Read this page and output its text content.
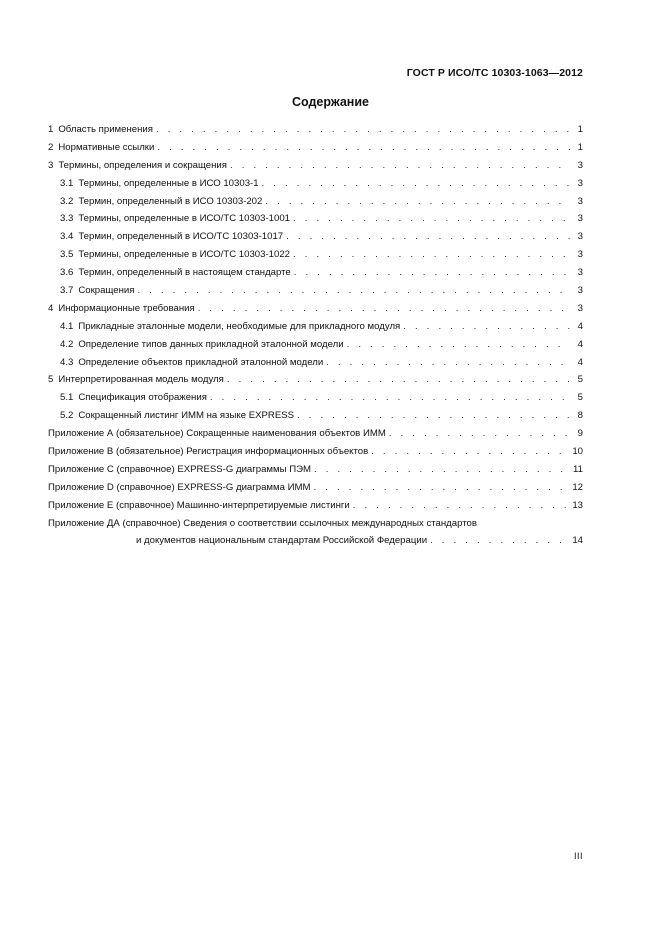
ГОСТ Р ИСО/ТС 10303-1063—2012
Содержание
1 Область применения . . .	1
2 Нормативные ссылки . . .	1
3 Термины, определения и сокращения . . .	3
3.1 Термины, определенные в ИСО 10303-1 . . .	3
3.2 Термин, определенный в ИСО 10303-202 . . .	3
3.3 Термины, определенные в ИСО/ТС 10303-1001 . . .	3
3.4 Термин, определенный в ИСО/ТС 10303-1017 . . .	3
3.5 Термины, определенные в ИСО/ТС 10303-1022 . . .	3
3.6 Термин, определенный в настоящем стандарте . . .	3
3.7 Сокращения . . .	3
4 Информационные требования . . .	3
4.1 Прикладные эталонные модели, необходимые для прикладного модуля . . .	4
4.2 Определение типов данных прикладной эталонной модели . . .	4
4.3 Определение объектов прикладной эталонной модели . . .	4
5 Интерпретированная модель модуля . . .	5
5.1 Спецификация отображения . . .	5
5.2 Сокращенный листинг ИММ на языке EXPRESS . . .	8
Приложение А (обязательное) Сокращенные наименования объектов ИММ . . .	9
Приложение В (обязательное) Регистрация информационных объектов . . .	10
Приложение С (справочное) EXPRESS-G диаграммы ПЭМ . . .	11
Приложение D (справочное) EXPRESS-G диаграмма ИММ . . .	12
Приложение Е (справочное) Машинно-интерпретируемые листинги . . .	13
Приложение ДА (справочное) Сведения о соответствии ссылочных международных стандартов
и документов национальным стандартам Российской Федерации . . .	14
III
